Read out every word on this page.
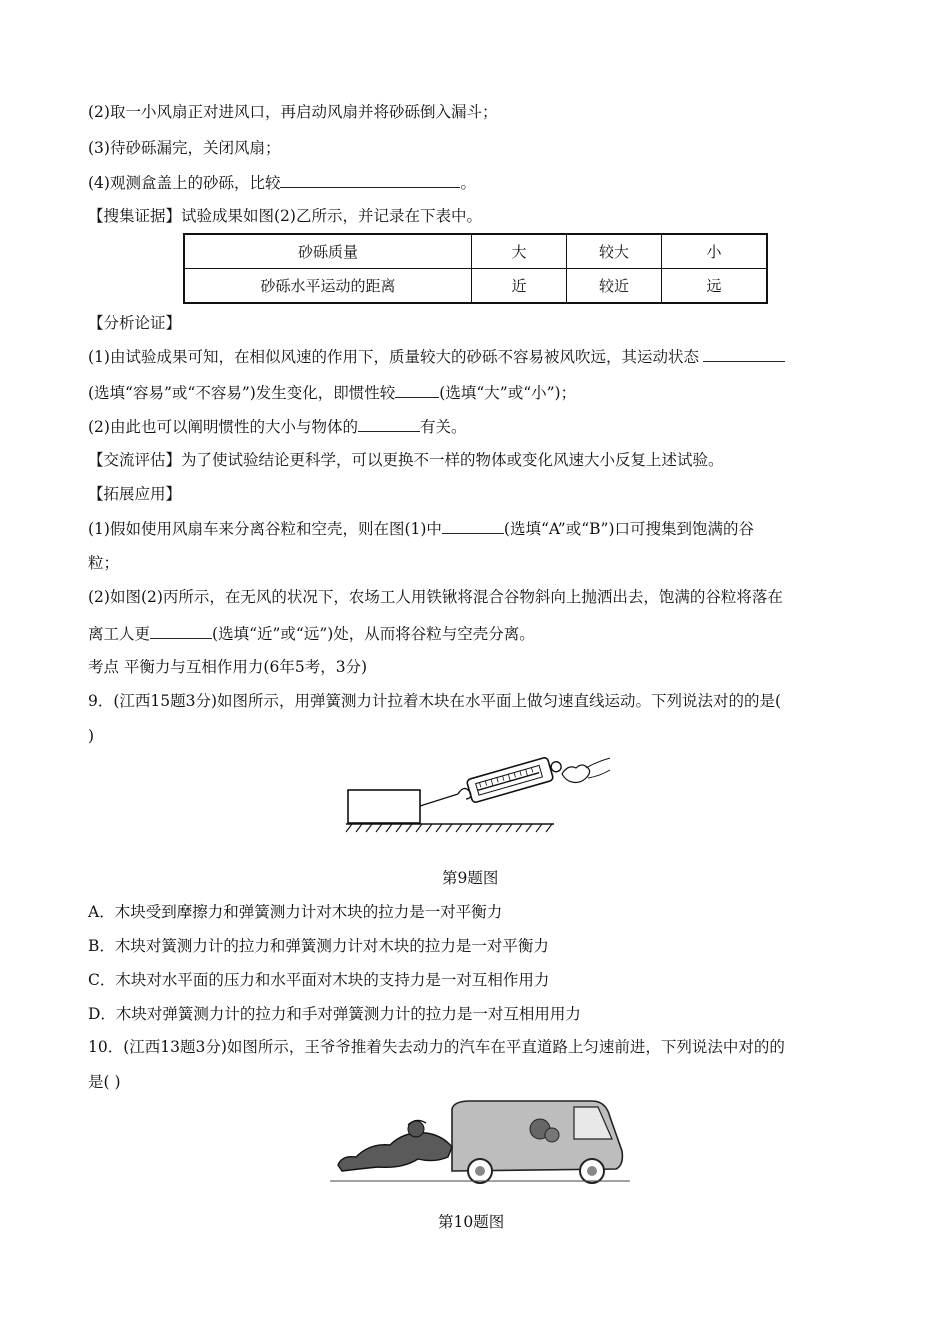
(2)取一小风扇正对进风口，再启动风扇并将砂砾倒入漏斗；
(3)待砂砾漏完，关闭风扇；
(4)观测盒盖上的砂砾，比较	。
【搜集证据】试验成果如图(2)乙所示，并记录在下表中。
砂砾质量	大	较大	小
砂砾水平运动的距离	近	较近	远
【分析论证】
(1)由试验成果可知，在相似风速的作用下，质量较大的砂砾不容易被风吹远，其运动状态
(选填“容易”或“不容易”)发生变化，即惯性较	(选填“大”或“小”)；
(2)由此也可以阐明惯性的大小与物体的	有关。
【交流评估】为了使试验结论更科学，可以更换不一样的物体或变化风速大小反复上述试验。
【拓展应用】
(1)假如使用风扇车来分离谷粒和空壳，则在图(1)中	(选填“A”或“B”)口可搜集到饱满的谷
粒；
(2)如图(2)丙所示，在无风的状况下，农场工人用铁锹将混合谷物斜向上抛洒出去，饱满的谷粒将落在
离工人更	(选填“近”或“远”)处，从而将谷粒与空壳分离。
考点 平衡力与互相作用力(6年5考，3分)
9．(江西15题3分)如图所示，用弹簧测力计拉着木块在水平面上做匀速直线运动。下列说法对的的是(
)
第9题图
A．木块受到摩擦力和弹簧测力计对木块的拉力是一对平衡力
B．木块对簧测力计的拉力和弹簧测力计对木块的拉力是一对平衡力
C．木块对水平面的压力和水平面对木块的支持力是一对互相作用力
D．木块对弹簧测力计的拉力和手对弹簧测力计的拉力是一对互相用用力
10．(江西13题3分)如图所示，王爷爷推着失去动力的汽车在平直道路上匀速前进，下列说法中对的的
是( )
第10题图
